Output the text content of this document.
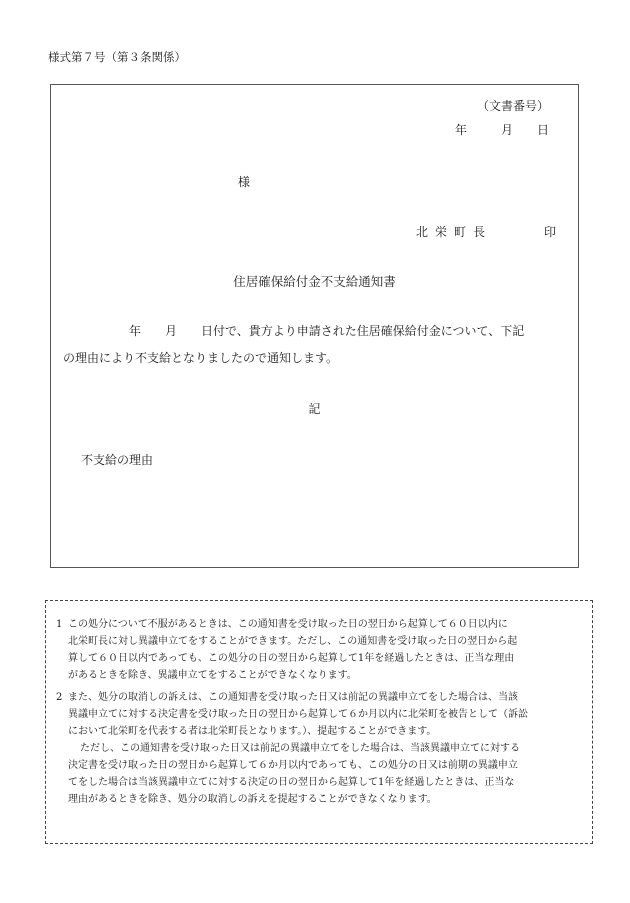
様式第７号（第３条関係）
（文書番号）
年	月 日
様
北栄町長	印
住居確保給付金不支給通知書
年　　月　　日付で、貴方より申請された住居確保給付金について、下記
の理由により不支給となりましたので通知します。
記
不支給の理由
1 この処分について不服があるときは、この通知書を受け取った日の翌日から起算して６０日以内に
北栄町長に対し異議申立てをすることができます。ただし、この通知書を受け取った日の翌日から起
算して６０日以内であっても、この処分の日の翌日から起算して1年を経過したときは、正当な理由
があるときを除き、異議申立てをすることができなくなります。
2 また、処分の取消しの訴えは、この通知書を受け取った日又は前記の異議申立てをした場合は、当該
異議申立てに対する決定書を受け取った日の翌日から起算して６か月以内に北栄町を被告として（訴訟
において北栄町を代表する者は北栄町長となります。）、提起することができます。
ただし、この通知書を受け取った日又は前記の異議申立てをした場合は、当該異議申立てに対する
決定書を受け取った日の翌日から起算して６か月以内であっても、この処分の日又は前期の異議申立
てをした場合は当該異議申立てに対する決定の日の翌日から起算して1年を経過したときは、正当な
理由があるときを除き、処分の取消しの訴えを提起することができなくなります。
